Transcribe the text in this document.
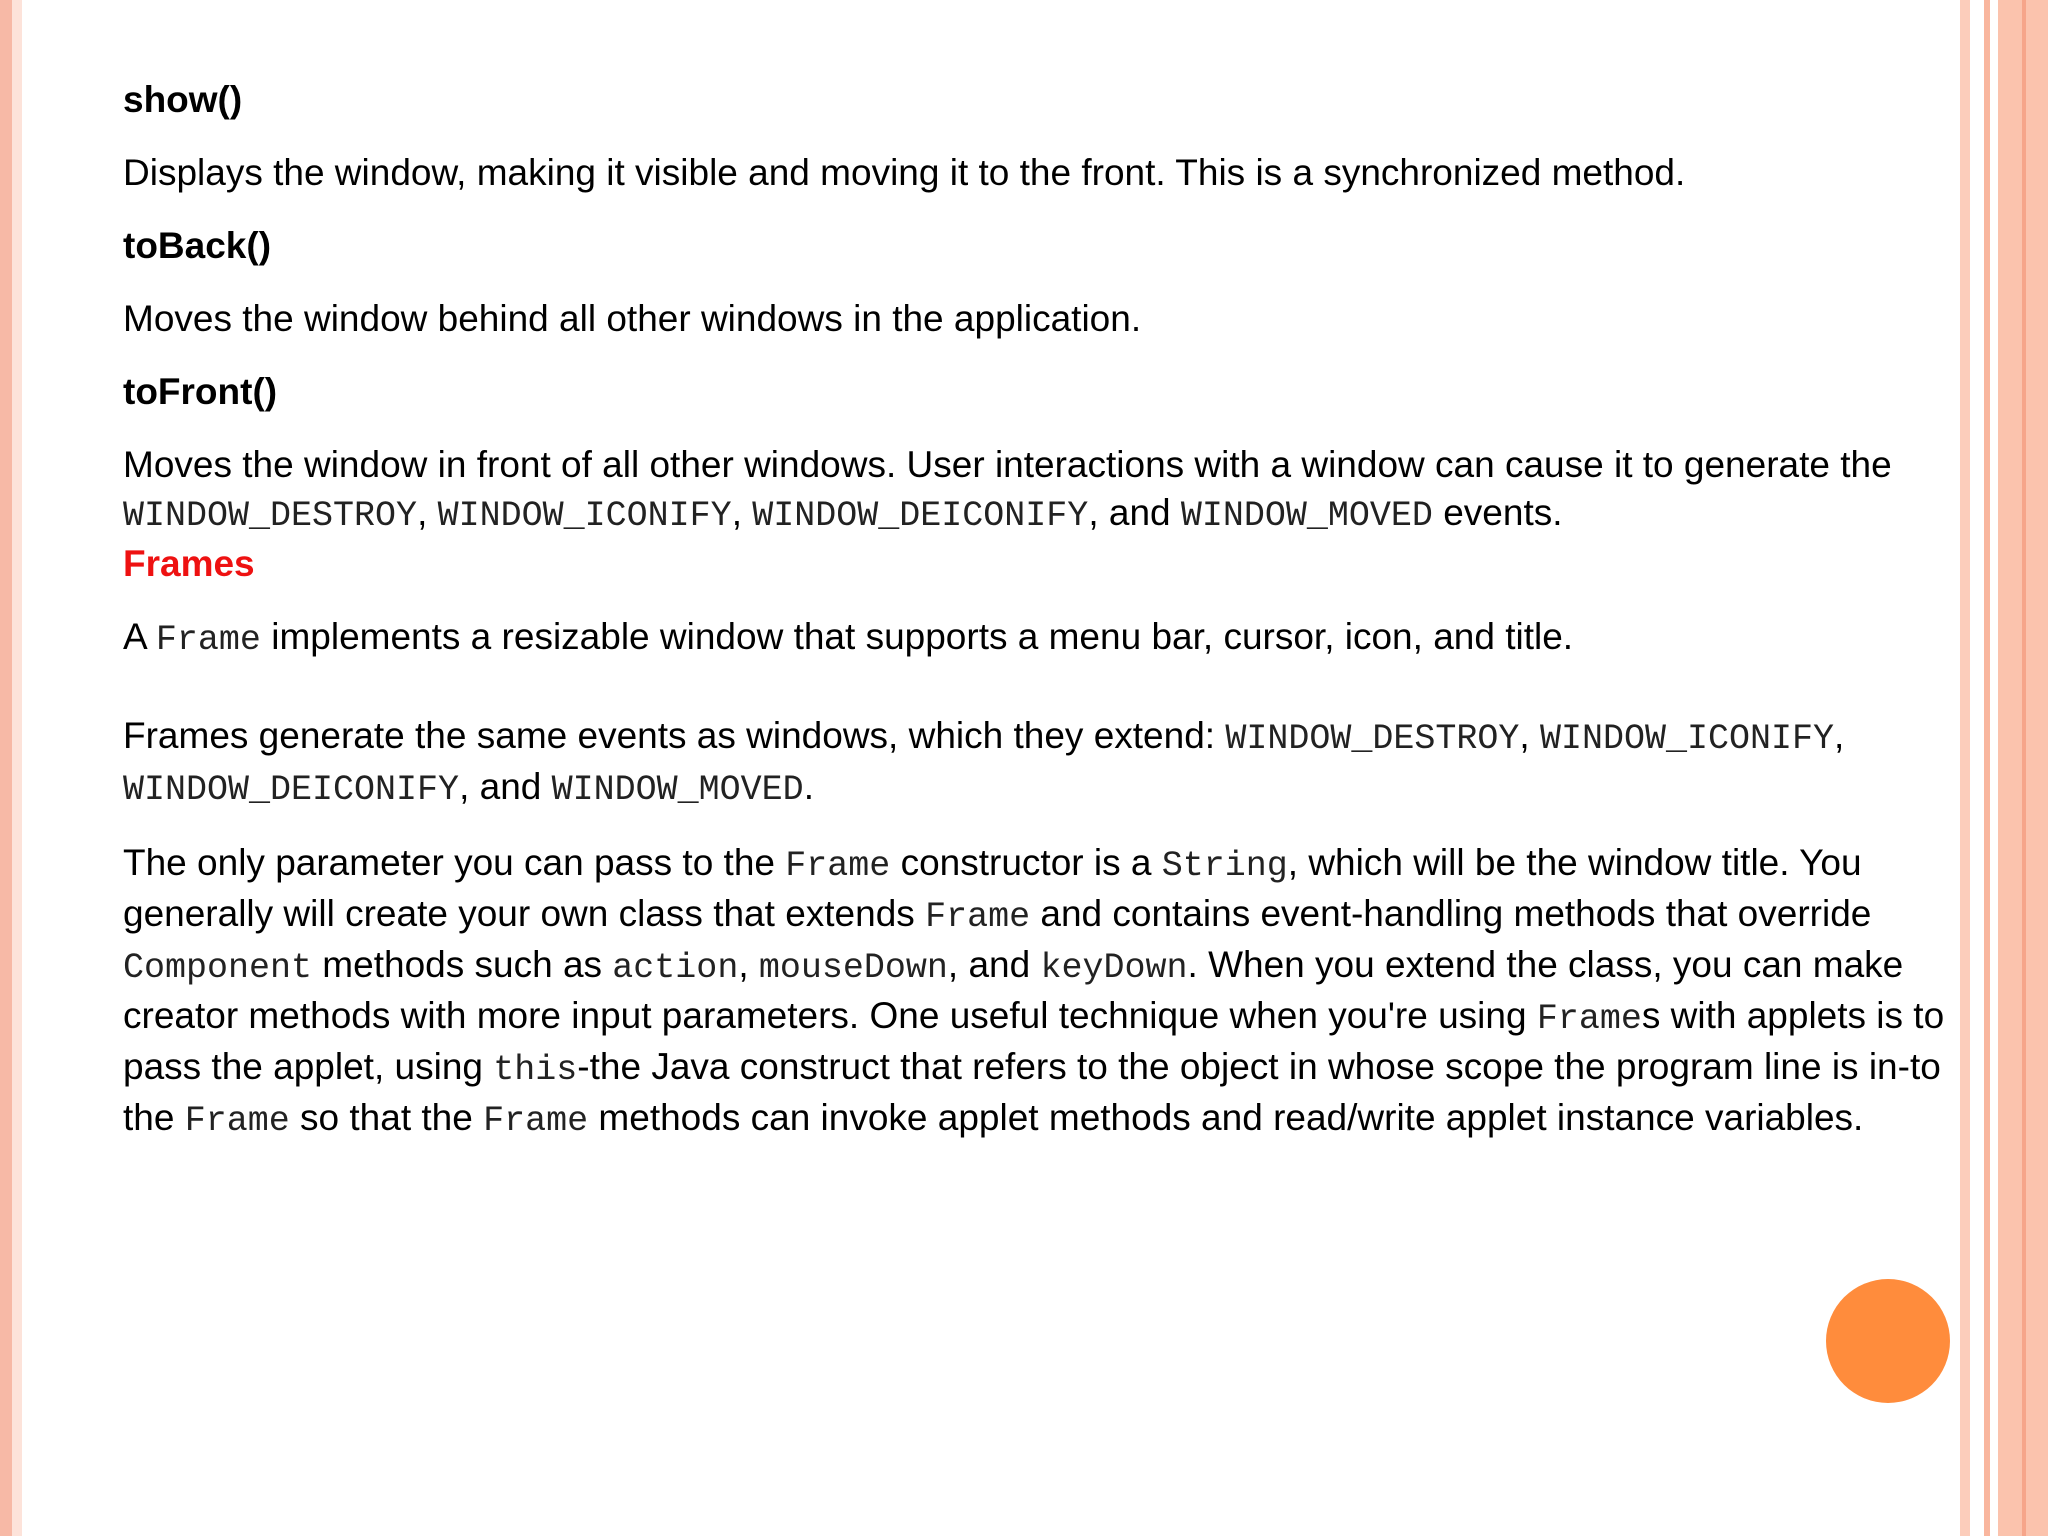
show()

Displays the window, making it visible and moving it to the front. This is a synchronized method.

toBack()

Moves the window behind all other windows in the application.

toFront()

Moves the window in front of all other windows. User interactions with a window can cause it to generate the WINDOW_DESTROY, WINDOW_ICONIFY, WINDOW_DEICONIFY, and WINDOW_MOVED events.

Frames

A Frame implements a resizable window that supports a menu bar, cursor, icon, and title.

Frames generate the same events as windows, which they extend: WINDOW_DESTROY, WINDOW_ICONIFY, WINDOW_DEICONIFY, and WINDOW_MOVED.

The only parameter you can pass to the Frame constructor is a String, which will be the window title. You generally will create your own class that extends Frame and contains event-handling methods that override Component methods such as action, mouseDown, and keyDown. When you extend the class, you can make creator methods with more input parameters. One useful technique when you're using Frames with applets is to pass the applet, using this-the Java construct that refers to the object in whose scope the program line is in-to the Frame so that the Frame methods can invoke applet methods and read/write applet instance variables.
